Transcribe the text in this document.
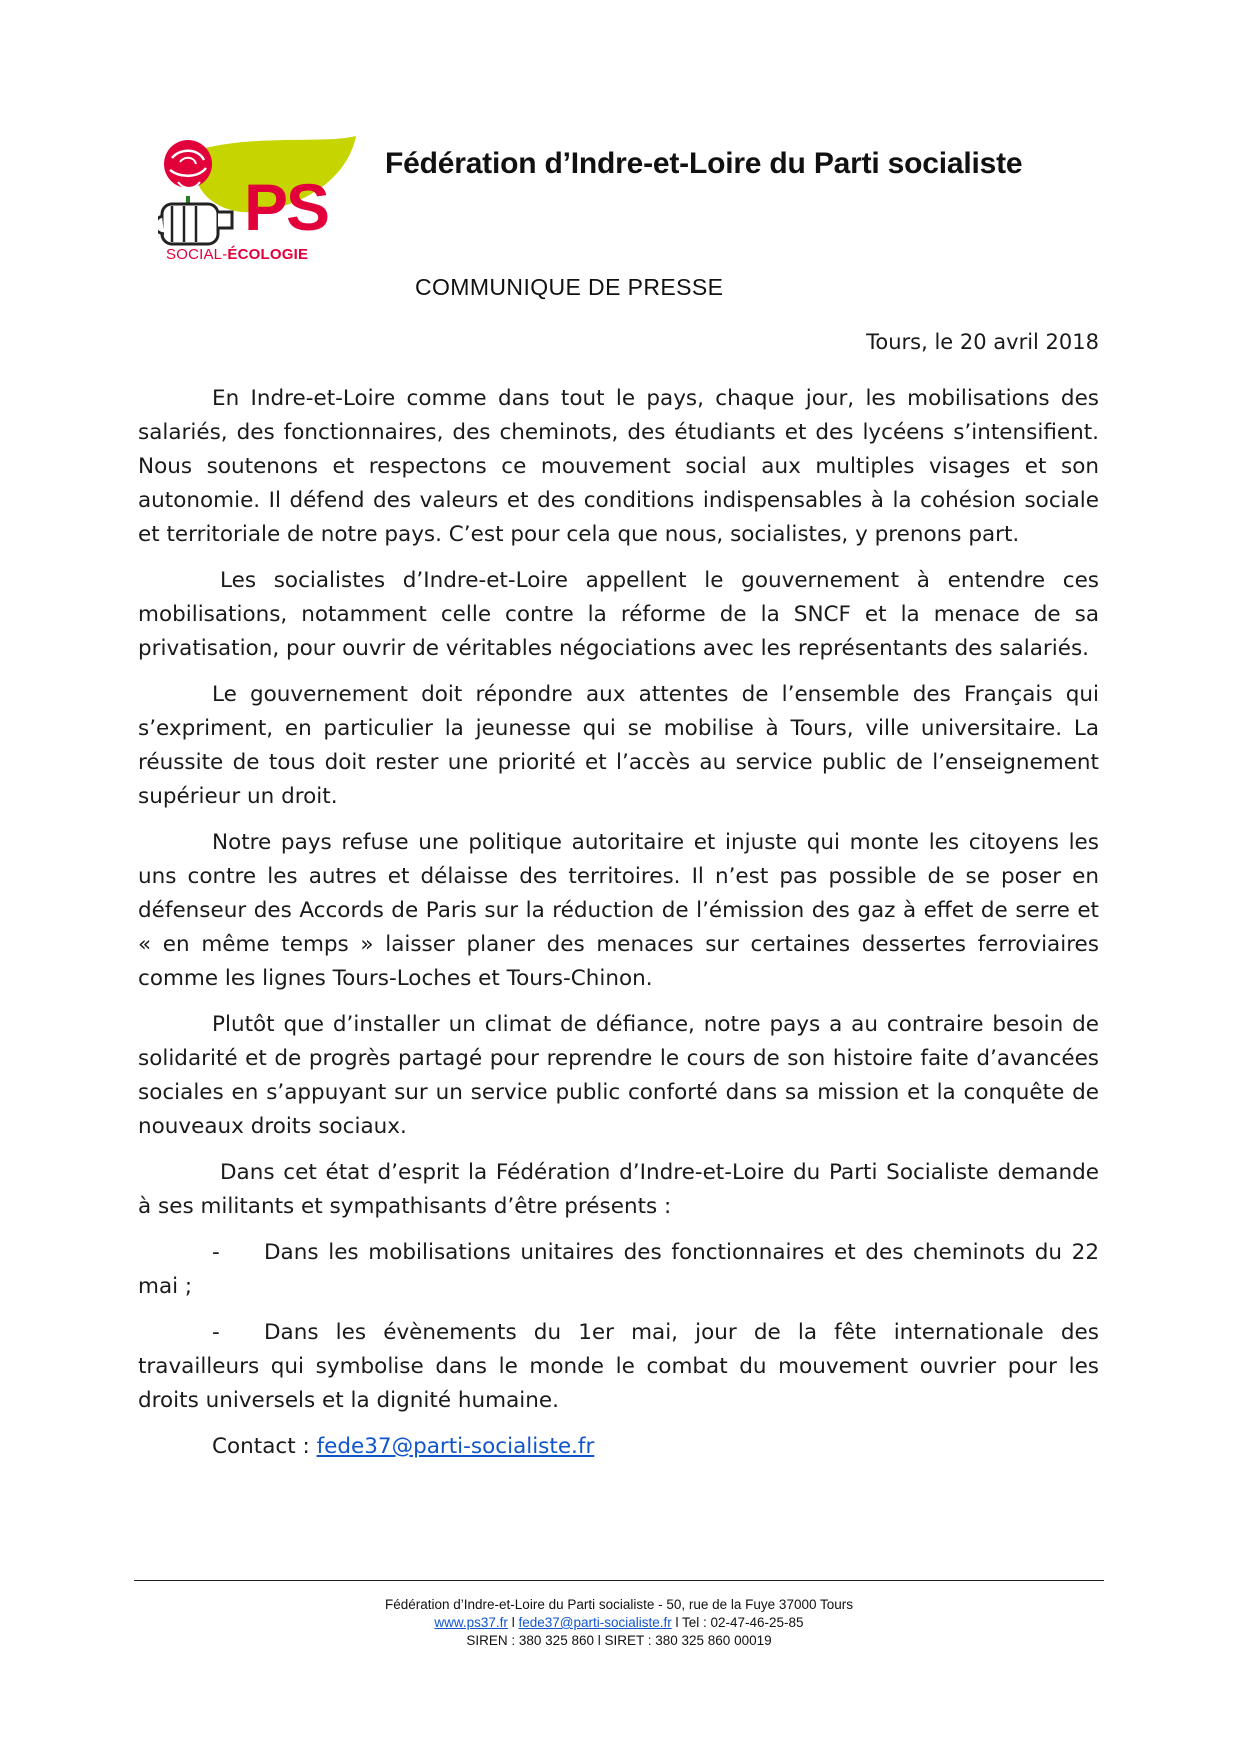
PS
SOCIAL-ÉCOLOGIE
Fédération d’Indre-et-Loire du Parti socialiste
COMMUNIQUE DE PRESSE
Tours, le 20 avril 2018

En Indre-et-Loire comme dans tout le pays, chaque jour, les mobilisations des salariés, des fonctionnaires, des cheminots, des étudiants et des lycéens s’intensifient. Nous soutenons et respectons ce mouvement social aux multiples visages et son autonomie. Il défend des valeurs et des conditions indispensables à la cohésion sociale et territoriale de notre pays. C’est pour cela que nous, socialistes, y prenons part.

Les socialistes d’Indre-et-Loire appellent le gouvernement à entendre ces mobilisations, notamment celle contre la réforme de la SNCF et la menace de sa privatisation, pour ouvrir de véritables négociations avec les représentants des salariés.

Le gouvernement doit répondre aux attentes de l’ensemble des Français qui s’expriment, en particulier la jeunesse qui se mobilise à Tours, ville universitaire. La réussite de tous doit rester une priorité et l’accès au service public de l’enseignement supérieur un droit.

Notre pays refuse une politique autoritaire et injuste qui monte les citoyens les uns contre les autres et délaisse des territoires. Il n’est pas possible de se poser en défenseur des Accords de Paris sur la réduction de l’émission des gaz à effet de serre et « en même temps » laisser planer des menaces sur certaines dessertes ferroviaires comme les lignes Tours-Loches et Tours-Chinon.

Plutôt que d’installer un climat de défiance, notre pays a au contraire besoin de solidarité et de progrès partagé pour reprendre le cours de son histoire faite d’avancées sociales en s’appuyant sur un service public conforté dans sa mission et la conquête de nouveaux droits sociaux.

Dans cet état d’esprit la Fédération d’Indre-et-Loire du Parti Socialiste demande à ses militants et sympathisants d’être présents :

- Dans les mobilisations unitaires des fonctionnaires et des cheminots du 22 mai ;

- Dans les évènements du 1er mai, jour de la fête internationale des travailleurs qui symbolise dans le monde le combat du mouvement ouvrier pour les droits universels et la dignité humaine.

Contact : fede37@parti-socialiste.fr

Fédération d’Indre-et-Loire du Parti socialiste - 50, rue de la Fuye 37000 Tours
www.ps37.fr l fede37@parti-socialiste.fr l Tel : 02-47-46-25-85
SIREN : 380 325 860 l SIRET : 380 325 860 00019
